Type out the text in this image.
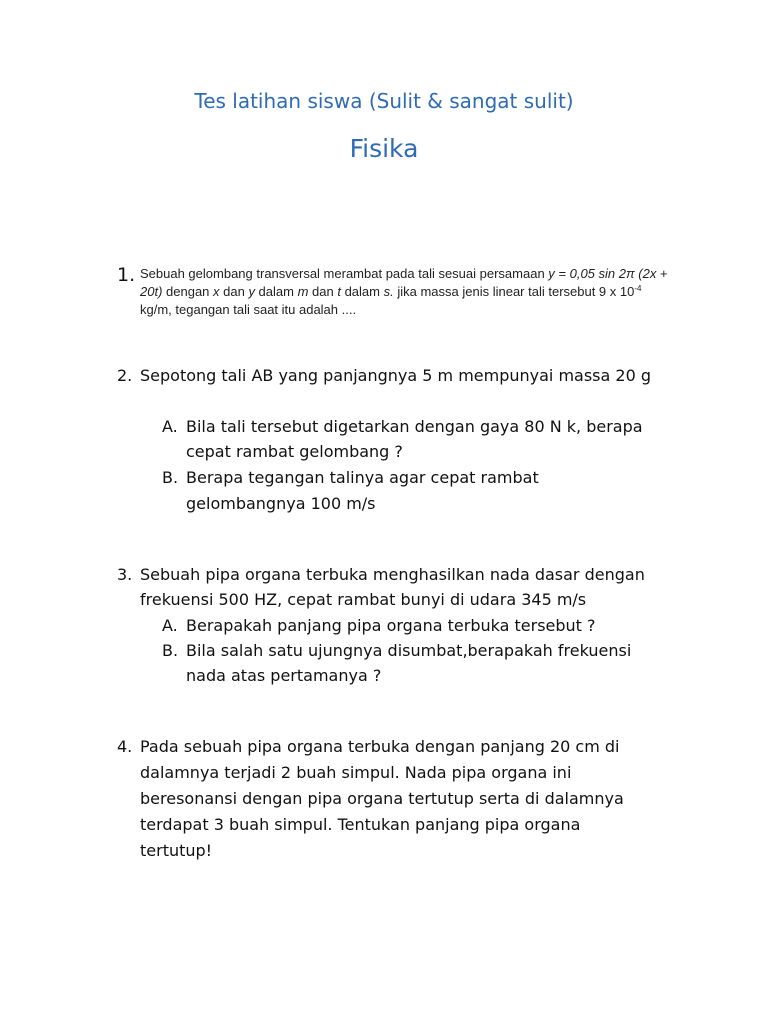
Tes latihan siswa (Sulit & sangat sulit)
Fisika
1. Sebuah gelombang transversal merambat pada tali sesuai persamaan y = 0,05 sin 2π (2x + 20t) dengan x dan y dalam m dan t dalam s. jika massa jenis linear tali tersebut 9 x $10^{-4}$ kg/m, tegangan tali saat itu adalah ....
2. Sepotong tali AB yang panjangnya 5 m mempunyai massa 20 g
A. Bila tali tersebut digetarkan dengan gaya 80 N k, berapa
cepat rambat gelombang ?
B. Berapa tegangan talinya agar cepat rambat
gelombangnya 100 m/s
3. Sebuah pipa organa terbuka menghasilkan nada dasar dengan
frekuensi 500 HZ, cepat rambat bunyi di udara 345 m/s
A. Berapakah panjang pipa organa terbuka tersebut ?
B. Bila salah satu ujungnya disumbat,berapakah frekuensi
nada atas pertamanya ?
4. Pada sebuah pipa organa terbuka dengan panjang 20 cm di
dalamnya terjadi 2 buah simpul. Nada pipa organa ini
beresonansi dengan pipa organa tertutup serta di dalamnya
terdapat 3 buah simpul. Tentukan panjang pipa organa
tertutup!
